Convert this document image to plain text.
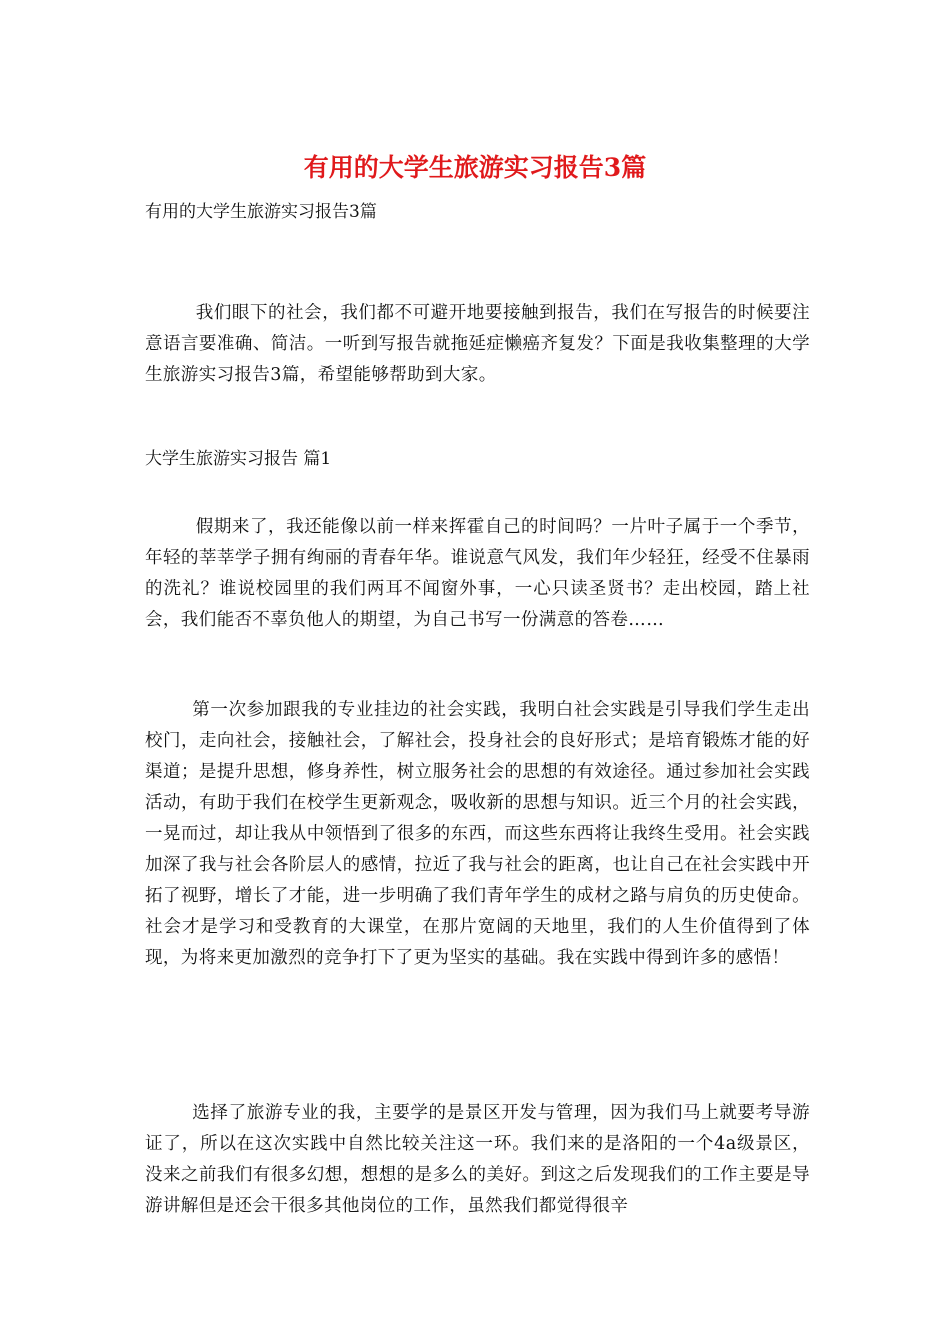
有用的大学生旅游实习报告3篇

有用的大学生旅游实习报告3篇

我们眼下的社会，我们都不可避开地要接触到报告，我们在写报告的时候要注意语言要准确、简洁。一听到写报告就拖延症懒癌齐复发？下面是我收集整理的大学生旅游实习报告3篇，希望能够帮助到大家。

大学生旅游实习报告 篇1

假期来了，我还能像以前一样来挥霍自己的时间吗？一片叶子属于一个季节，年轻的莘莘学子拥有绚丽的青春年华。谁说意气风发，我们年少轻狂，经受不住暴雨的洗礼？谁说校园里的我们两耳不闻窗外事，一心只读圣贤书？走出校园，踏上社会，我们能否不辜负他人的期望，为自己书写一份满意的答卷……

第一次参加跟我的专业挂边的社会实践，我明白社会实践是引导我们学生走出校门，走向社会，接触社会，了解社会，投身社会的良好形式；是培育锻炼才能的好渠道；是提升思想，修身养性，树立服务社会的思想的有效途径。通过参加社会实践活动，有助于我们在校学生更新观念，吸收新的思想与知识。近三个月的社会实践，一晃而过，却让我从中领悟到了很多的东西，而这些东西将让我终生受用。社会实践加深了我与社会各阶层人的感情，拉近了我与社会的距离，也让自己在社会实践中开拓了视野，增长了才能，进一步明确了我们青年学生的成材之路与肩负的历史使命。社会才是学习和受教育的大课堂，在那片宽阔的天地里，我们的人生价值得到了体现，为将来更加激烈的竞争打下了更为坚实的基础。我在实践中得到许多的感悟！

选择了旅游专业的我，主要学的是景区开发与管理，因为我们马上就要考导游证了，所以在这次实践中自然比较关注这一环。我们来的是洛阳的一个4a级景区，没来之前我们有很多幻想，想想的是多么的美好。到这之后发现我们的工作主要是导游讲解但是还会干很多其他岗位的工作，虽然我们都觉得很辛
